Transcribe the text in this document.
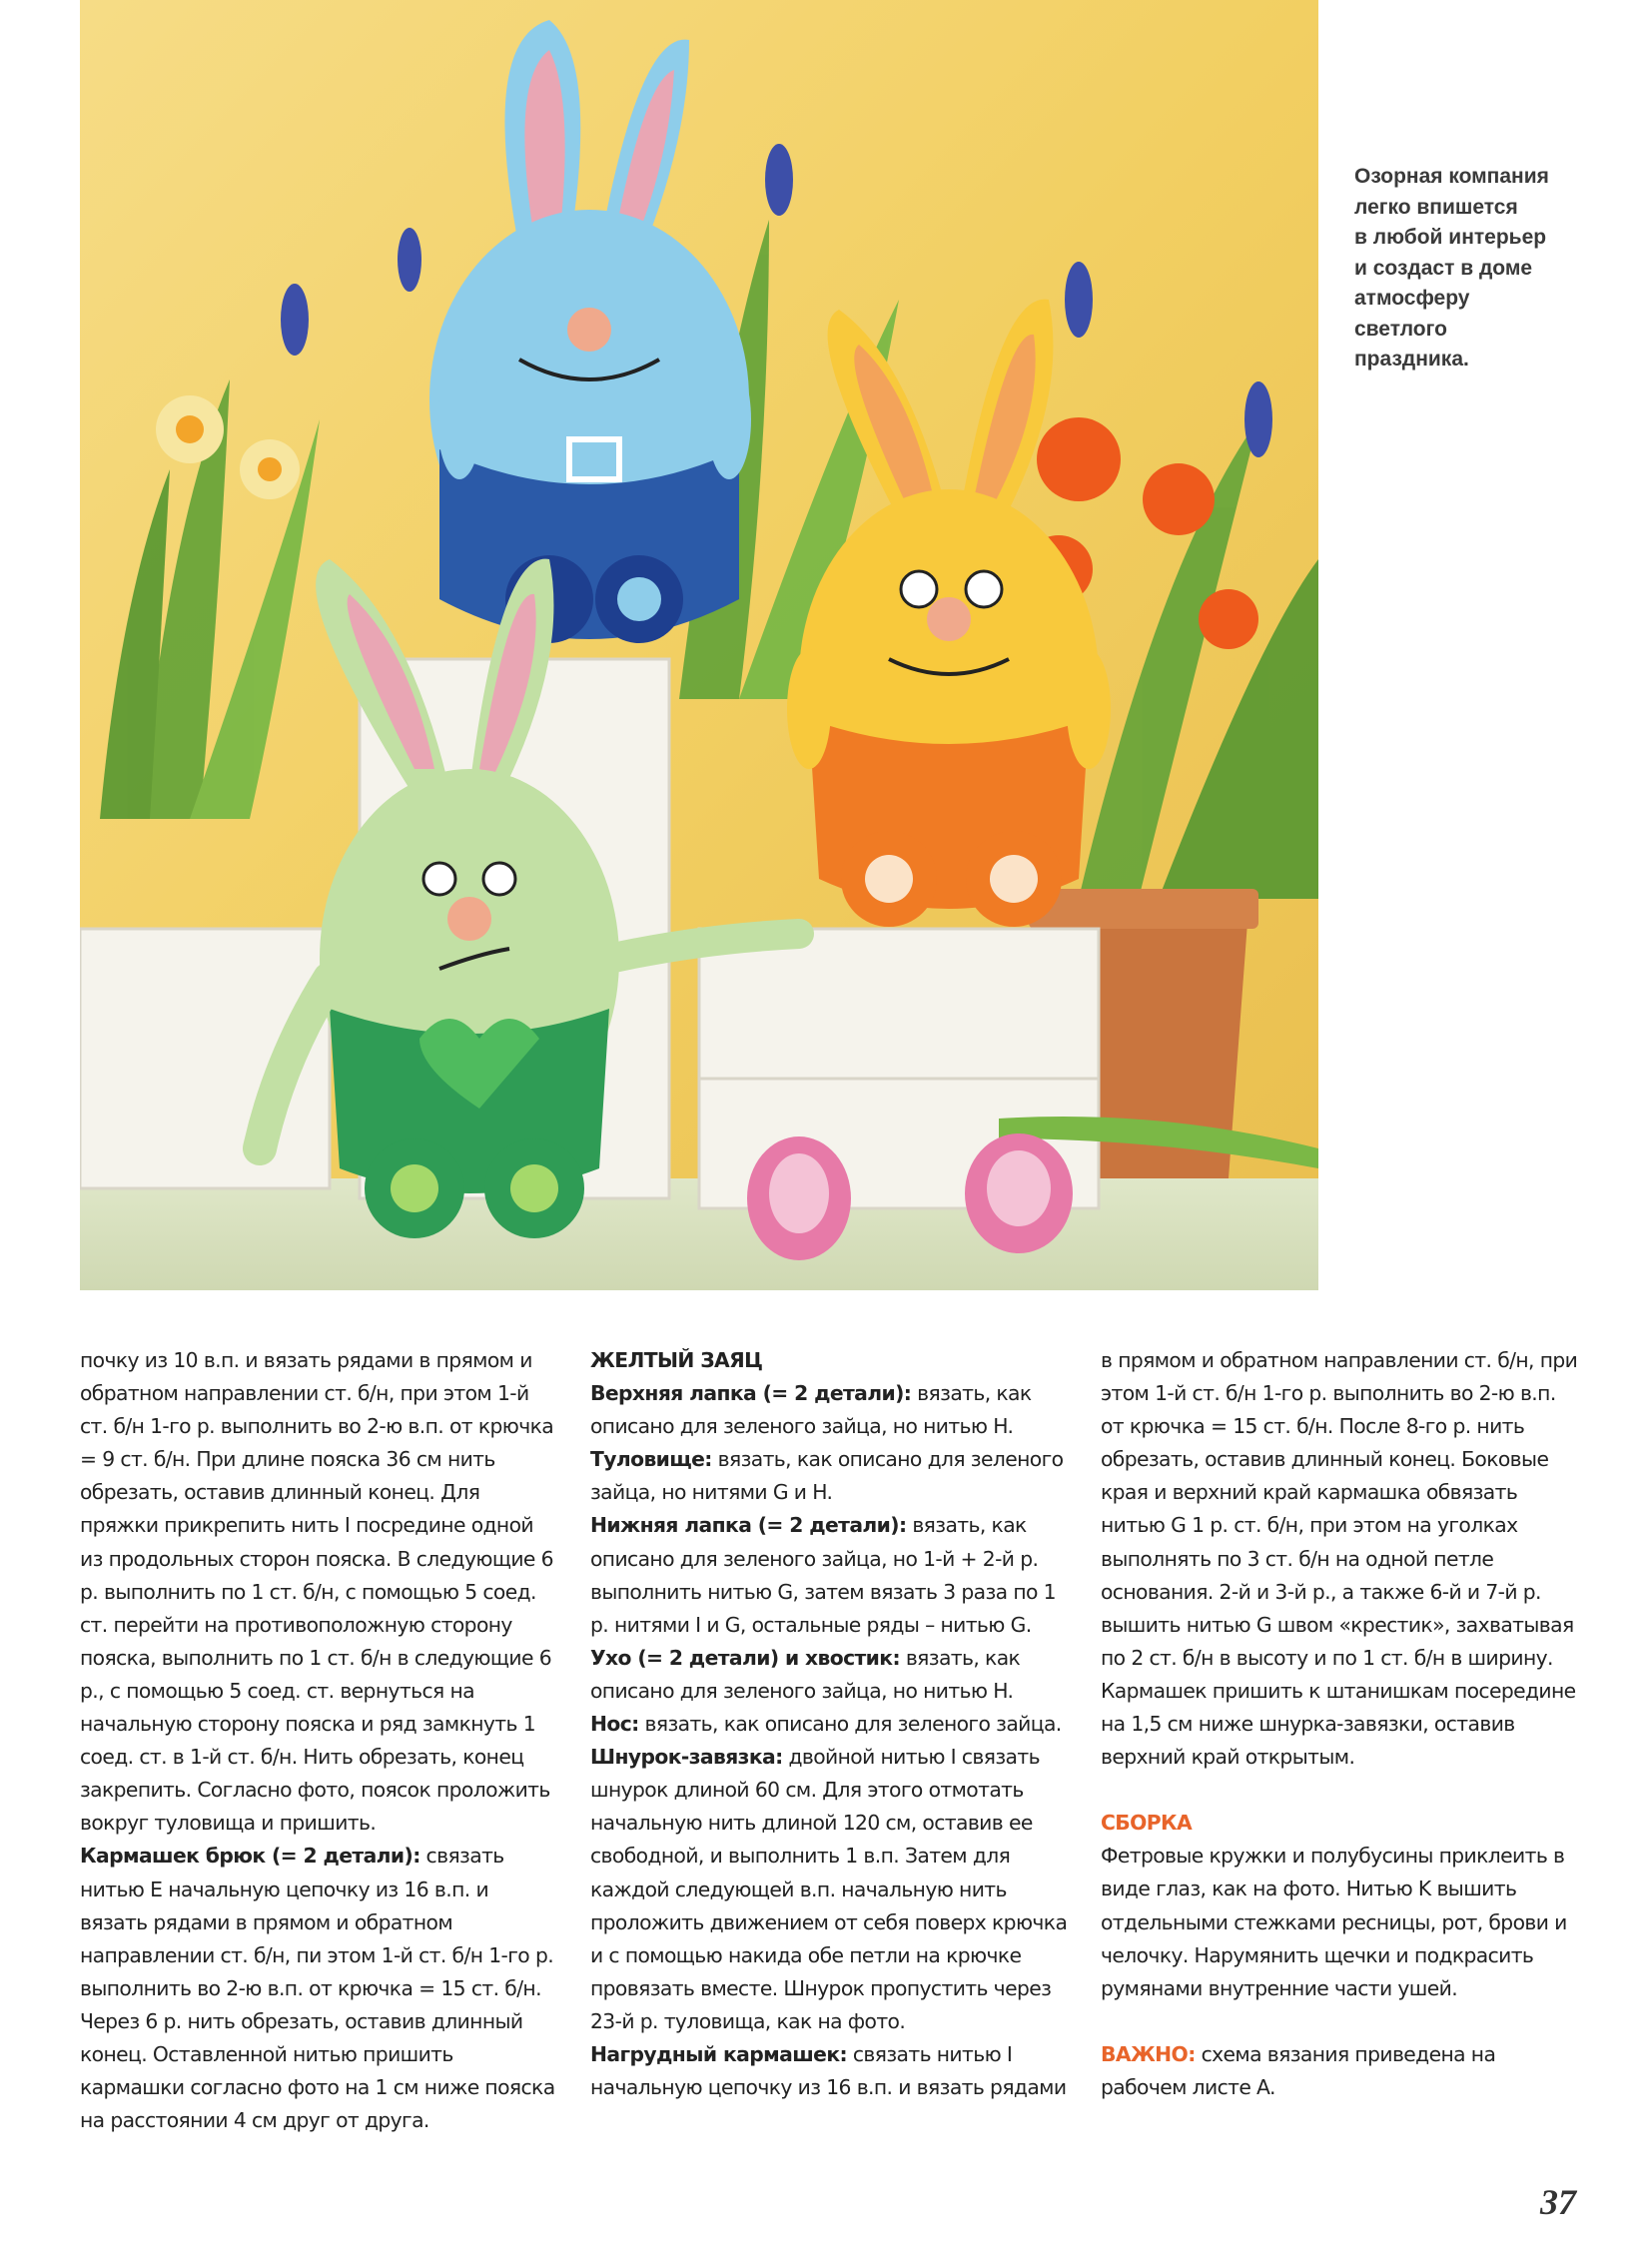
Озорная компания

легко впишется

в любой интерьер

и создаст в доме

атмосферу

светлого

праздника.

почку из 10 в.п. и вязать рядами в прямом и обратном направлении ст. б/н, при этом 1-й ст. б/н 1-го р. выполнить во 2-ю в.п. от крючка = 9 ст. б/н. При длине пояска 36 см нить обрезать, оставив длинный конец. Для пряжки прикрепить нить I посредине одной из продольных сторон пояска. В следующие 6 р. выполнить по 1 ст. б/н, с помощью 5 соед. ст. перейти на противоположную сторону пояска, выполнить по 1 ст. б/н в следующие 6 р., с помощью 5 соед. ст. вернуться на начальную сторону пояска и ряд замкнуть 1 соед. ст. в 1-й ст. б/н. Нить обрезать, конец закрепить. Согласно фото, поясок проложить вокруг туловища и пришить.

Кармашек брюк (= 2 детали): связать нитью E начальную цепочку из 16 в.п. и вязать рядами в прямом и обратном направлении ст. б/н, пи этом 1-й ст. б/н 1-го р. выполнить во 2-ю в.п. от крючка = 15 ст. б/н. Через 6 р. нить обрезать, оставив длинный конец. Оставленной нитью пришить кармашки согласно фото на 1 см ниже пояска на расстоянии 4 см друг от друга.

ЖЕЛТЫЙ ЗАЯЦ

Верхняя лапка (= 2 детали): вязать, как описано для зеленого зайца, но нитью H.

Туловище: вязать, как описано для зеленого зайца, но нитями G и H.

Нижняя лапка (= 2 детали): вязать, как описано для зеленого зайца, но 1-й + 2-й р. выполнить нитью G, затем вязать 3 раза по 1 р. нитями I и G, остальные ряды – нитью G.

Ухо (= 2 детали) и хвостик: вязать, как описано для зеленого зайца, но нитью H.

Нос: вязать, как описано для зеленого зайца.

Шнурок-завязка: двойной нитью I связать шнурок длиной 60 см. Для этого отмотать начальную нить длиной 120 см, оставив ее свободной, и выполнить 1 в.п. Затем для каждой следующей в.п. начальную нить проложить движением от себя поверх крючка и с помощью накида обе петли на крючке провязать вместе. Шнурок пропустить через 23-й р. туловища, как на фото.

Нагрудный кармашек: связать нитью I начальную цепочку из 16 в.п. и вязать рядами

в прямом и обратном направлении ст. б/н, при этом 1-й ст. б/н 1-го р. выполнить во 2-ю в.п. от крючка = 15 ст. б/н. После 8-го р. нить обрезать, оставив длинный конец. Боковые края и верхний край кармашка обвязать нитью G 1 р. ст. б/н, при этом на уголках выполнять по 3 ст. б/н на одной петле основания. 2-й и 3-й р., а также 6-й и 7-й р. вышить нитью G швом «крестик», захватывая по 2 ст. б/н в высоту и по 1 ст. б/н в ширину. Кармашек пришить к штанишкам посередине на 1,5 см ниже шнурка-завязки, оставив верхний край открытым.

СБОРКА

Фетровые кружки и полубусины приклеить в виде глаз, как на фото. Нитью K вышить отдельными стежками ресницы, рот, брови и челочку. Нарумянить щечки и подкрасить румянами внутренние части ушей.

ВАЖНО: схема вязания приведена на рабочем листе A.

37
